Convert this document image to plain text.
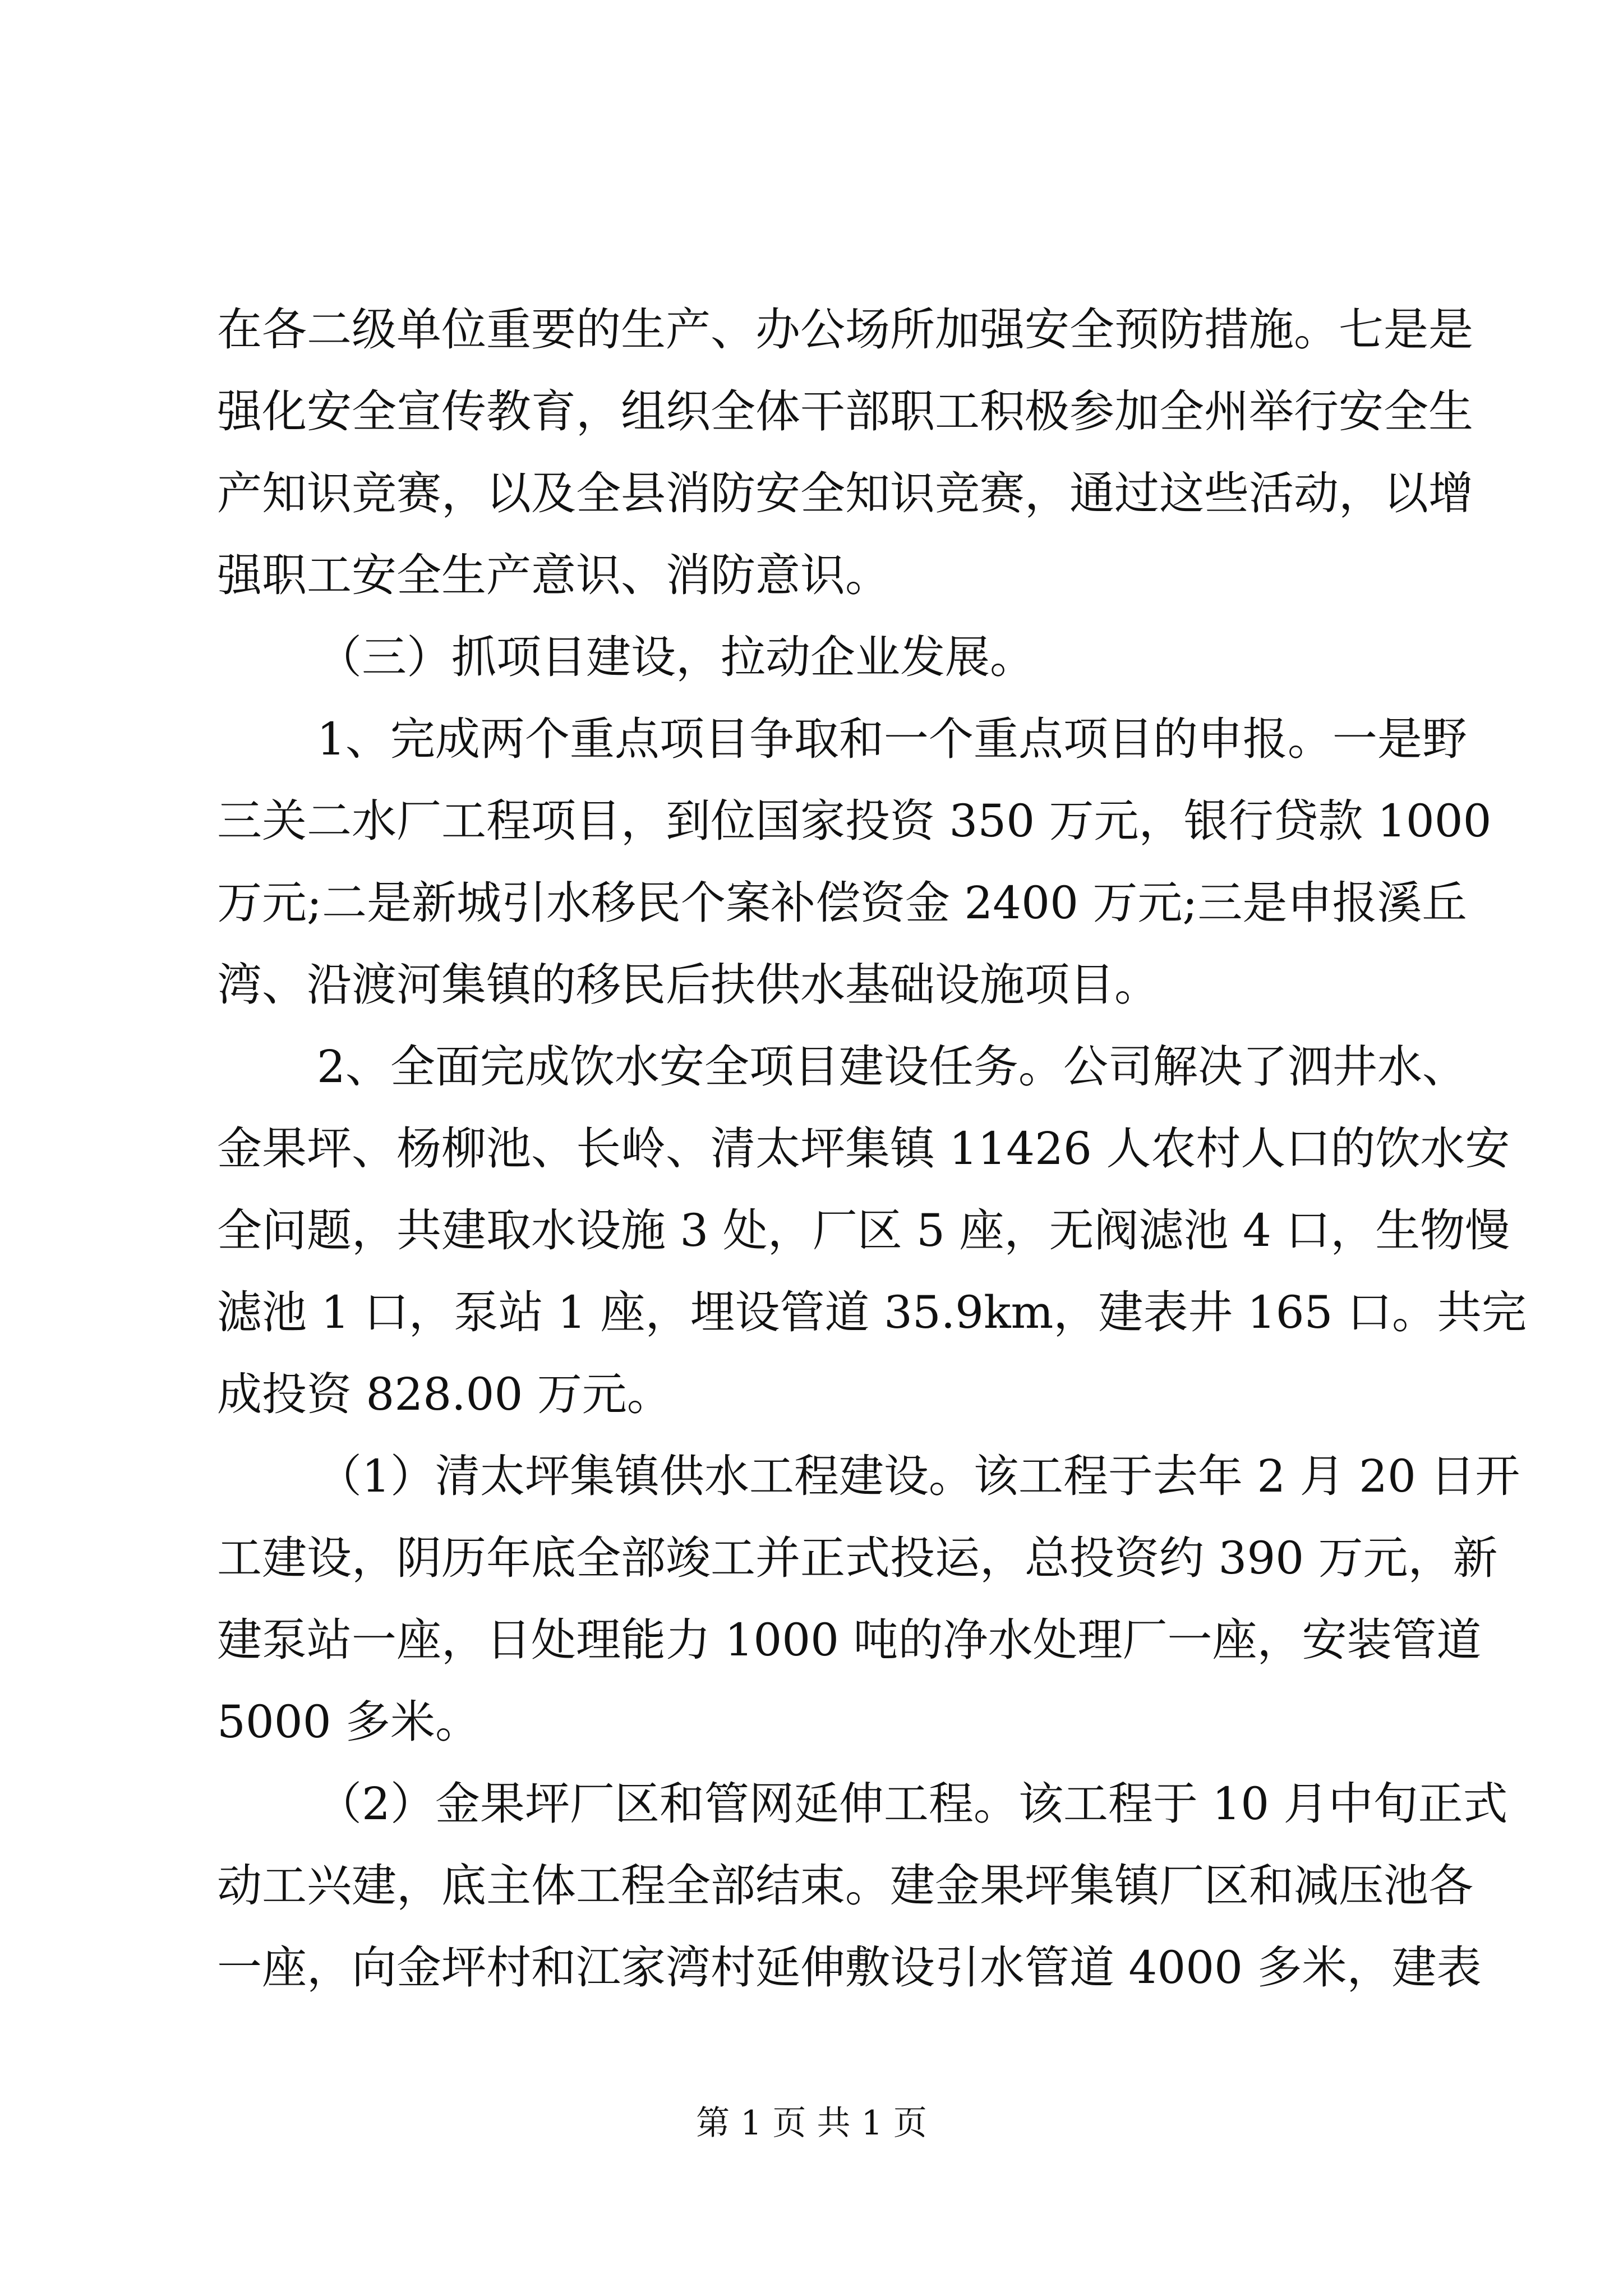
在各二级单位重要的生产、办公场所加强安全预防措施。七是是
强化安全宣传教育，组织全体干部职工积极参加全州举行安全生
产知识竞赛，以及全县消防安全知识竞赛，通过这些活动，以增
强职工安全生产意识、消防意识。
（三）抓项目建设，拉动企业发展。
1、完成两个重点项目争取和一个重点项目的申报。一是野
三关二水厂工程项目，到位国家投资 350 万元，银行贷款 1000
万元;二是新城引水移民个案补偿资金 2400 万元;三是申报溪丘
湾、沿渡河集镇的移民后扶供水基础设施项目。
2、全面完成饮水安全项目建设任务。公司解决了泗井水、
金果坪、杨柳池、长岭、清太坪集镇 11426 人农村人口的饮水安
全问题，共建取水设施 3 处，厂区 5 座，无阀滤池 4 口，生物慢
滤池 1 口，泵站 1 座，埋设管道 35.9km，建表井 165 口。共完
成投资 828.00 万元。
（1）清太坪集镇供水工程建设。该工程于去年 2 月 20 日开
工建设，阴历年底全部竣工并正式投运，总投资约 390 万元，新
建泵站一座，日处理能力 1000 吨的净水处理厂一座，安装管道
5000 多米。
（2）金果坪厂区和管网延伸工程。该工程于 10 月中旬正式
动工兴建，底主体工程全部结束。建金果坪集镇厂区和减压池各
一座，向金坪村和江家湾村延伸敷设引水管道 4000 多米，建表
第 1 页 共 1 页
